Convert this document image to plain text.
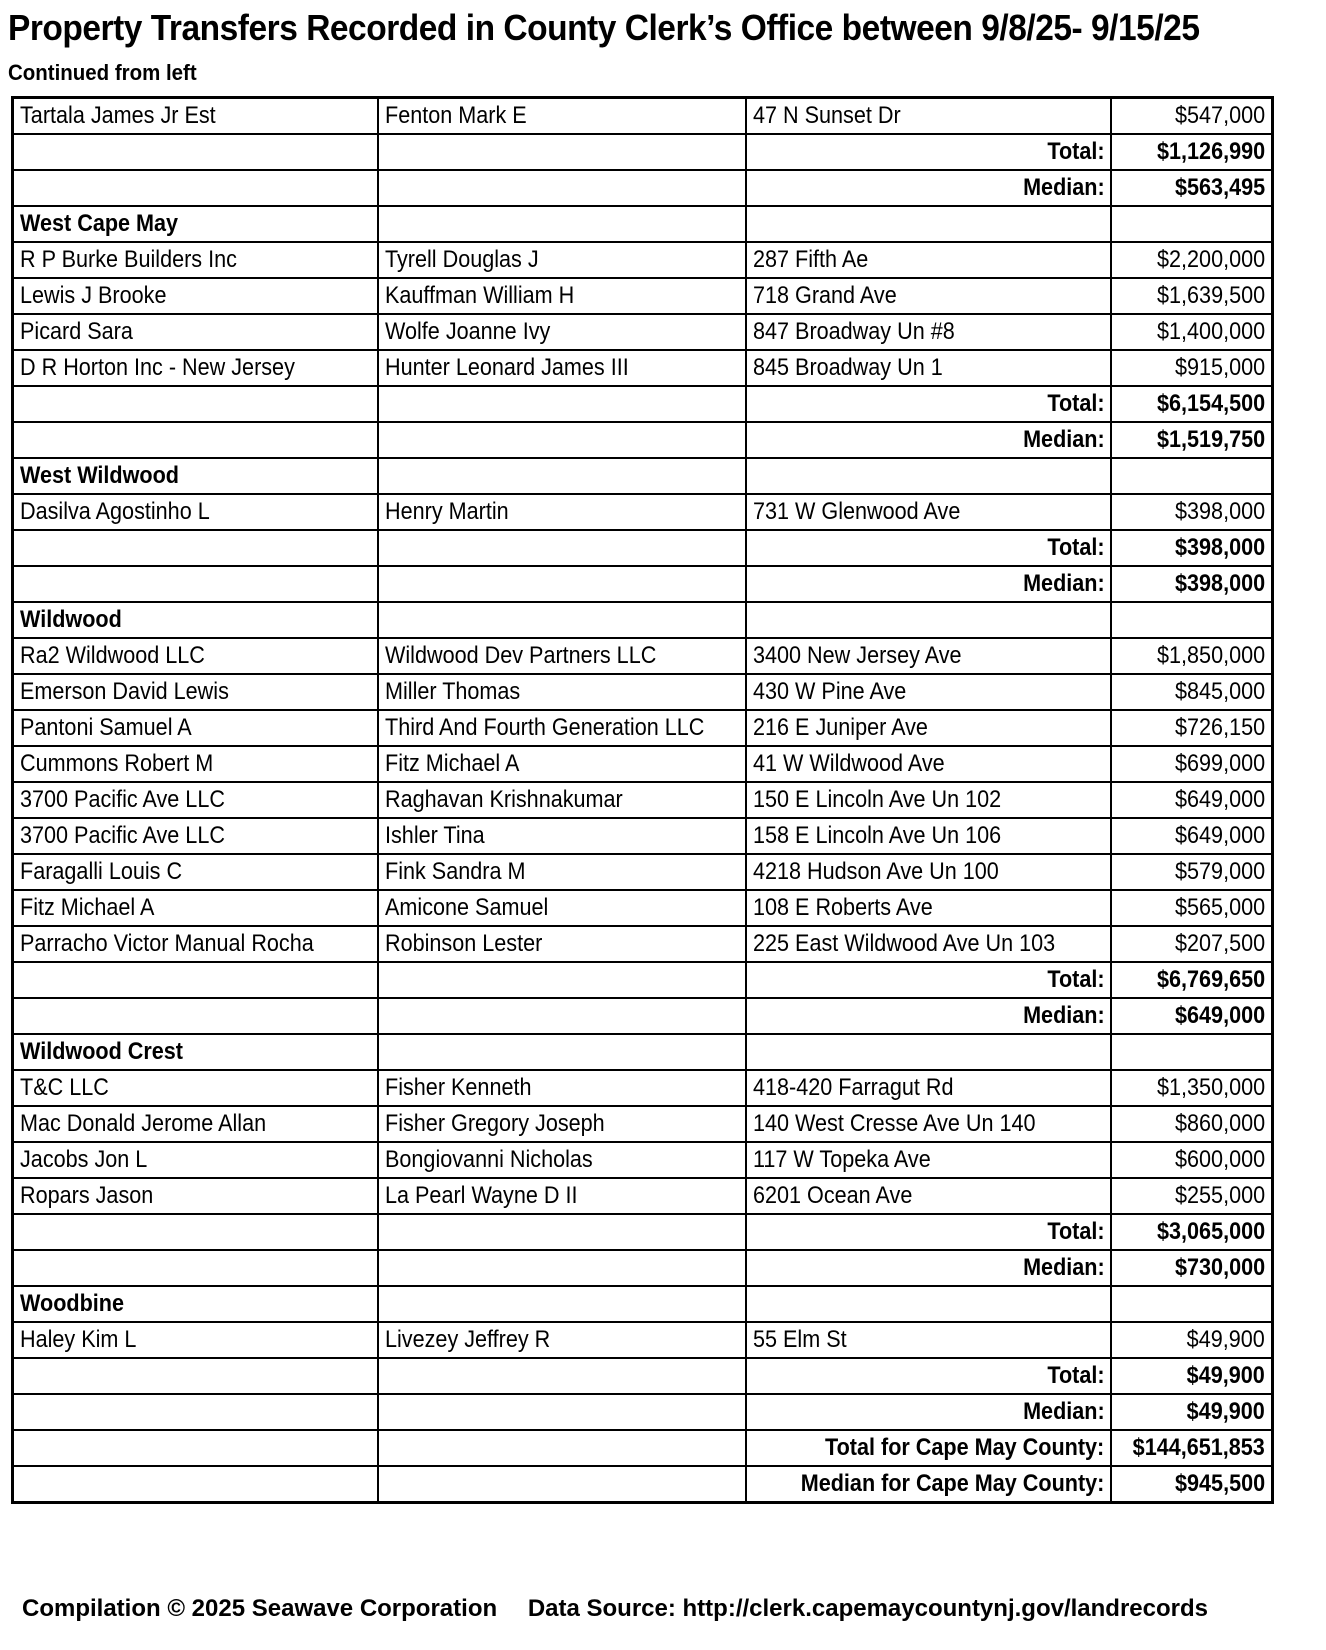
Property Transfers Recorded in County Clerk’s Office between 9/8/25- 9/15/25
Continued from left
Tartala James Jr Est	Fenton Mark E	47 N Sunset Dr	$547,000
		Total:	$1,126,990
		Median:	$563,495
West Cape May			
R P Burke Builders Inc	Tyrell Douglas J	287 Fifth Ae	$2,200,000
Lewis J Brooke	Kauffman William H	718 Grand Ave	$1,639,500
Picard Sara	Wolfe Joanne Ivy	847 Broadway Un #8	$1,400,000
D R Horton Inc - New Jersey	Hunter Leonard James III	845 Broadway Un 1	$915,000
		Total:	$6,154,500
		Median:	$1,519,750
West Wildwood			
Dasilva Agostinho L	Henry Martin	731 W Glenwood Ave	$398,000
		Total:	$398,000
		Median:	$398,000
Wildwood			
Ra2 Wildwood LLC	Wildwood Dev Partners LLC	3400 New Jersey Ave	$1,850,000
Emerson David Lewis	Miller Thomas	430 W Pine Ave	$845,000
Pantoni Samuel A	Third And Fourth Generation LLC	216 E Juniper Ave	$726,150
Cummons Robert M	Fitz Michael A	41 W Wildwood Ave	$699,000
3700 Pacific Ave LLC	Raghavan Krishnakumar	150 E Lincoln Ave Un 102	$649,000
3700 Pacific Ave LLC	Ishler Tina	158 E Lincoln Ave Un 106	$649,000
Faragalli Louis C	Fink Sandra M	4218 Hudson Ave Un 100	$579,000
Fitz Michael A	Amicone Samuel	108 E Roberts Ave	$565,000
Parracho Victor Manual Rocha	Robinson Lester	225 East Wildwood Ave Un 103	$207,500
		Total:	$6,769,650
		Median:	$649,000
Wildwood Crest			
T&C LLC	Fisher Kenneth	418-420 Farragut Rd	$1,350,000
Mac Donald Jerome Allan	Fisher Gregory Joseph	140 West Cresse Ave Un 140	$860,000
Jacobs Jon L	Bongiovanni Nicholas	117 W Topeka Ave	$600,000
Ropars Jason	La Pearl Wayne D II	6201 Ocean Ave	$255,000
		Total:	$3,065,000
		Median:	$730,000
Woodbine			
Haley Kim L	Livezey Jeffrey R	55 Elm St	$49,900
		Total:	$49,900
		Median:	$49,900
		Total for Cape May County:	$144,651,853
		Median for Cape May County:	$945,500
Compilation © 2025 Seawave Corporation Data Source: http://clerk.capemaycountynj.gov/landrecords
